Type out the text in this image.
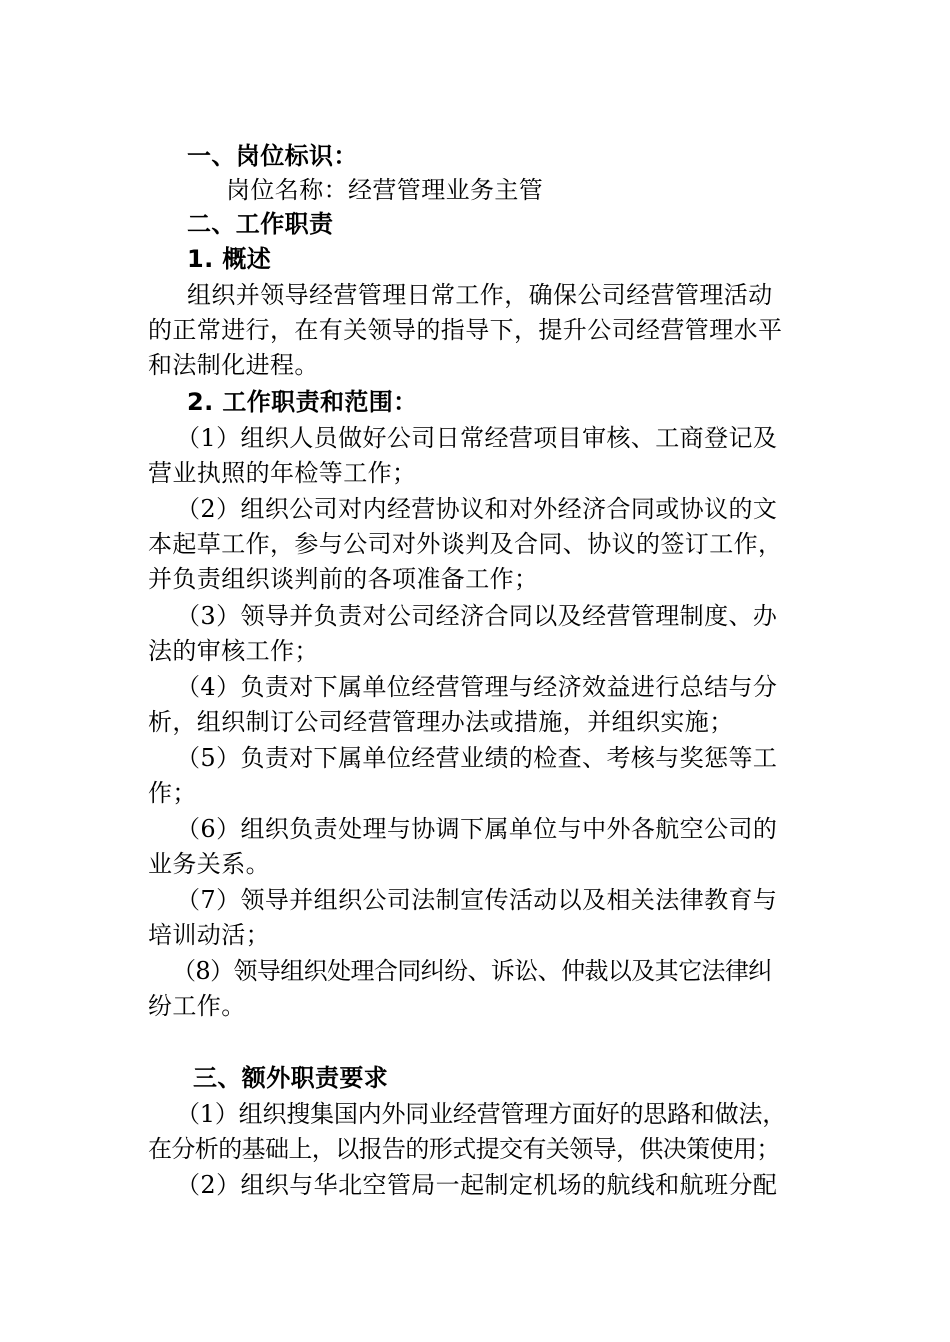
一、岗位标识：
岗位名称：经营管理业务主管
二、工作职责
1. 概述
组织并领导经营管理日常工作，确保公司经营管理活动
的正常进行，在有关领导的指导下，提升公司经营管理水平
和法制化进程。
2. 工作职责和范围：
（1）组织人员做好公司日常经营项目审核、工商登记及
营业执照的年检等工作；
（2）组织公司对内经营协议和对外经济合同或协议的文
本起草工作，参与公司对外谈判及合同、协议的签订工作，
并负责组织谈判前的各项准备工作；
（3）领导并负责对公司经济合同以及经营管理制度、办
法的审核工作；
（4）负责对下属单位经营管理与经济效益进行总结与分
析，组织制订公司经营管理办法或措施，并组织实施；
（5）负责对下属单位经营业绩的检查、考核与奖惩等工
作；
（6）组织负责处理与协调下属单位与中外各航空公司的
业务关系。
（7）领导并组织公司法制宣传活动以及相关法律教育与
培训动活；
（8）领导组织处理合同纠纷、诉讼、仲裁以及其它法律纠
纷工作。
三、额外职责要求
（1）组织搜集国内外同业经营管理方面好的思路和做法，
在分析的基础上，以报告的形式提交有关领导，供决策使用；
（2）组织与华北空管局一起制定机场的航线和航班分配
